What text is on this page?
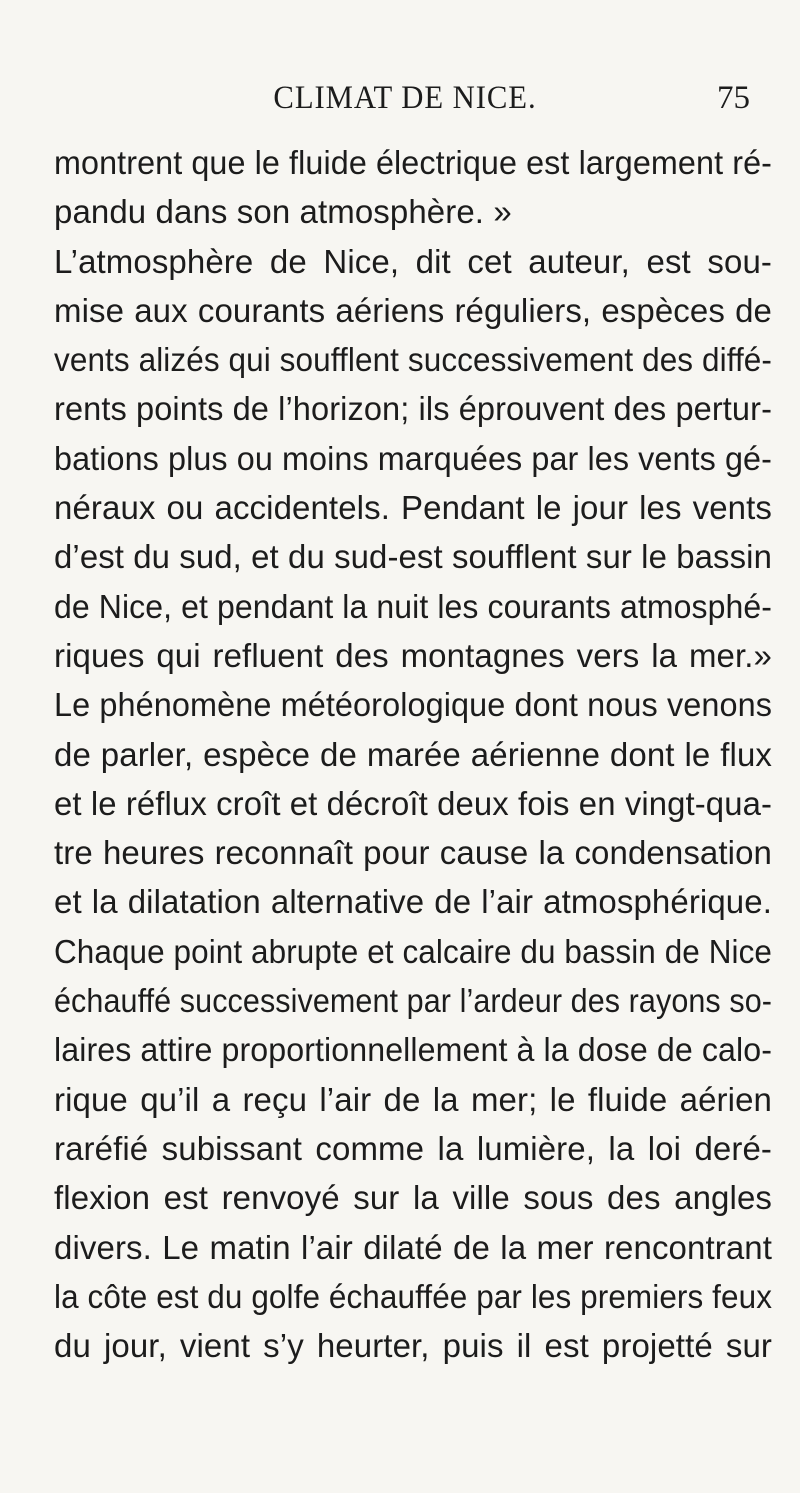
CLIMAT DE NICE.	75
montrent que le fluide électrique est largement ré-
pandu dans son atmosphère. »
L’atmosphère de Nice, dit cet auteur, est sou-
mise aux courants aériens réguliers, espèces de
vents alizés qui soufflent successivement des diffé-
rents points de l’horizon; ils éprouvent des pertur-
bations plus ou moins marquées par les vents gé-
néraux ou accidentels. Pendant le jour les vents
d’est du sud, et du sud-est soufflent sur le bassin
de Nice, et pendant la nuit les courants atmosphé-
riques qui refluent des montagnes vers la mer.»
Le phénomène météorologique dont nous venons
de parler, espèce de marée aérienne dont le flux
et le réflux croît et décroît deux fois en vingt-qua-
tre heures reconnaît pour cause la condensation
et la dilatation alternative de l’air atmosphérique.
Chaque point abrupte et calcaire du bassin de Nice
échauffé successivement par l’ardeur des rayons so-
laires attire proportionnellement à la dose de calo-
rique qu’il a reçu l’air de la mer; le fluide aérien
raréfié subissant comme la lumière, la loi deré-
flexion est renvoyé sur la ville sous des angles
divers. Le matin l’air dilaté de la mer rencontrant
la côte est du golfe échauffée par les premiers feux
du jour, vient s’y heurter, puis il est projetté sur
